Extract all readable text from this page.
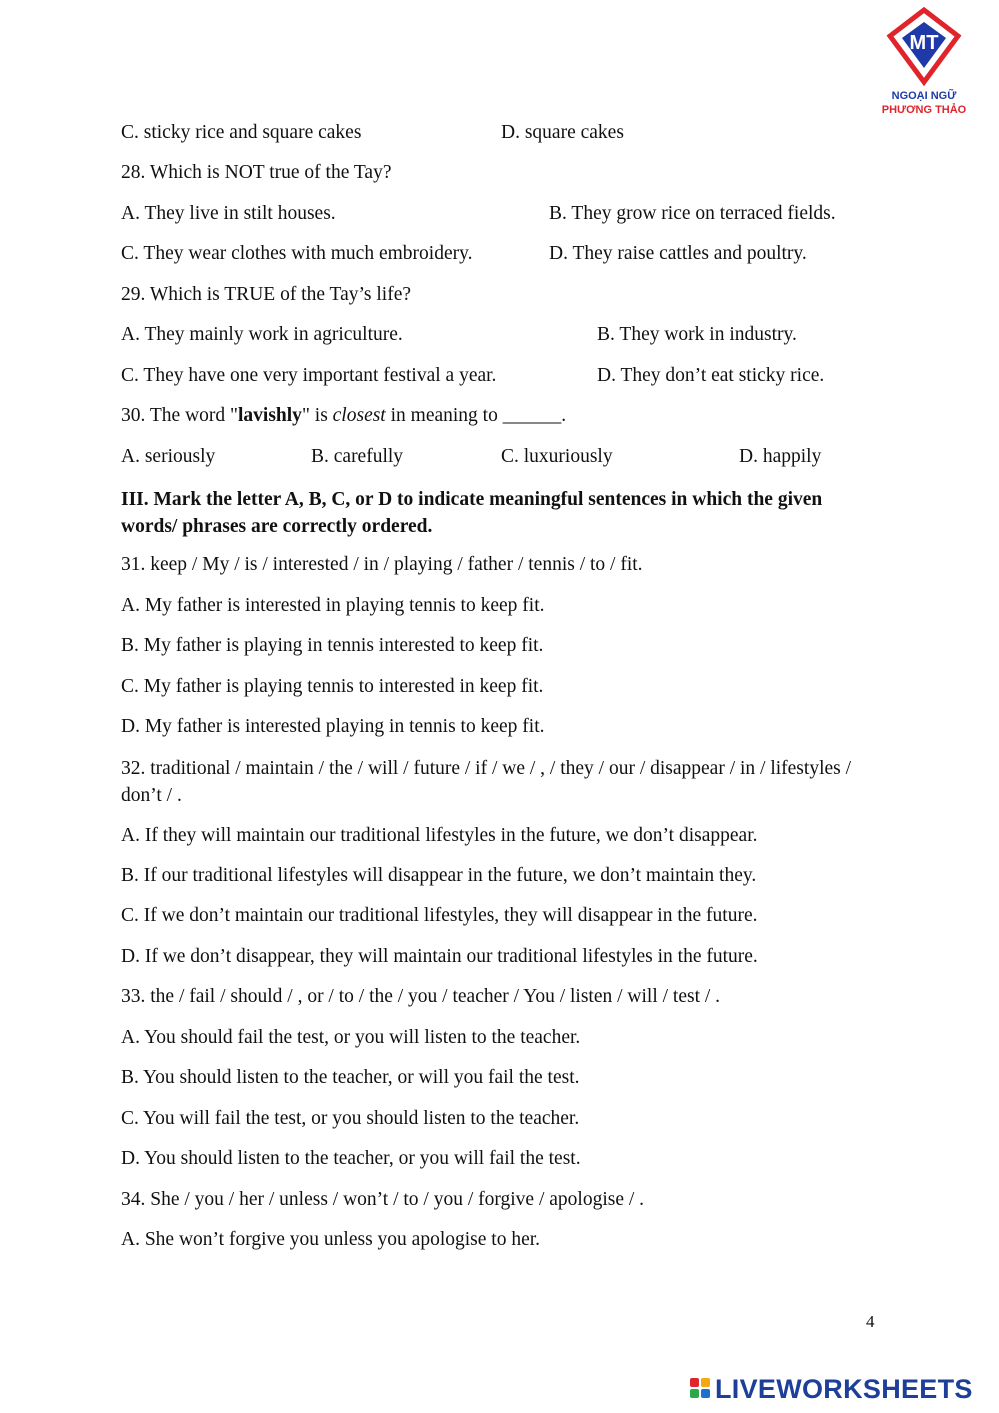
MT
NGOẠI NGỮ
PHƯƠNG THẢO
C. sticky rice and square cakes	D. square cakes
28. Which is NOT true of the Tay?
A. They live in stilt houses.	B. They grow rice on terraced fields.
C. They wear clothes with much embroidery.	D. They raise cattles and poultry.
29. Which is TRUE of the Tay’s life?
A. They mainly work in agriculture.	B. They work in industry.
C. They have one very important festival a year.	D. They don’t eat sticky rice.
30. The word "lavishly" is closest in meaning to ______.
A. seriously	B. carefully	C. luxuriously	D. happily
III. Mark the letter A, B, C, or D to indicate meaningful sentences in which the given words/ phrases are correctly ordered.
31. keep / My / is / interested / in / playing / father / tennis / to / fit.
A. My father is interested in playing tennis to keep fit.
B. My father is playing in tennis interested to keep fit.
C. My father is playing tennis to interested in keep fit.
D. My father is interested playing in tennis to keep fit.
32. traditional / maintain / the / will / future / if / we / , / they / our / disappear / in / lifestyles / don’t / .
A. If they will maintain our traditional lifestyles in the future, we don’t disappear.
B. If our traditional lifestyles will disappear in the future, we don’t maintain they.
C. If we don’t maintain our traditional lifestyles, they will disappear in the future.
D. If we don’t disappear, they will maintain our traditional lifestyles in the future.
33. the / fail / should / , or / to / the / you / teacher / You / listen / will / test / .
A. You should fail the test, or you will listen to the teacher.
B. You should listen to the teacher, or will you fail the test.
C. You will fail the test, or you should listen to the teacher.
D. You should listen to the teacher, or you will fail the test.
34. She / you / her / unless / won’t / to / you / forgive / apologise / .
A. She won’t forgive you unless you apologise to her.
4
LIVEWORKSHEETS
